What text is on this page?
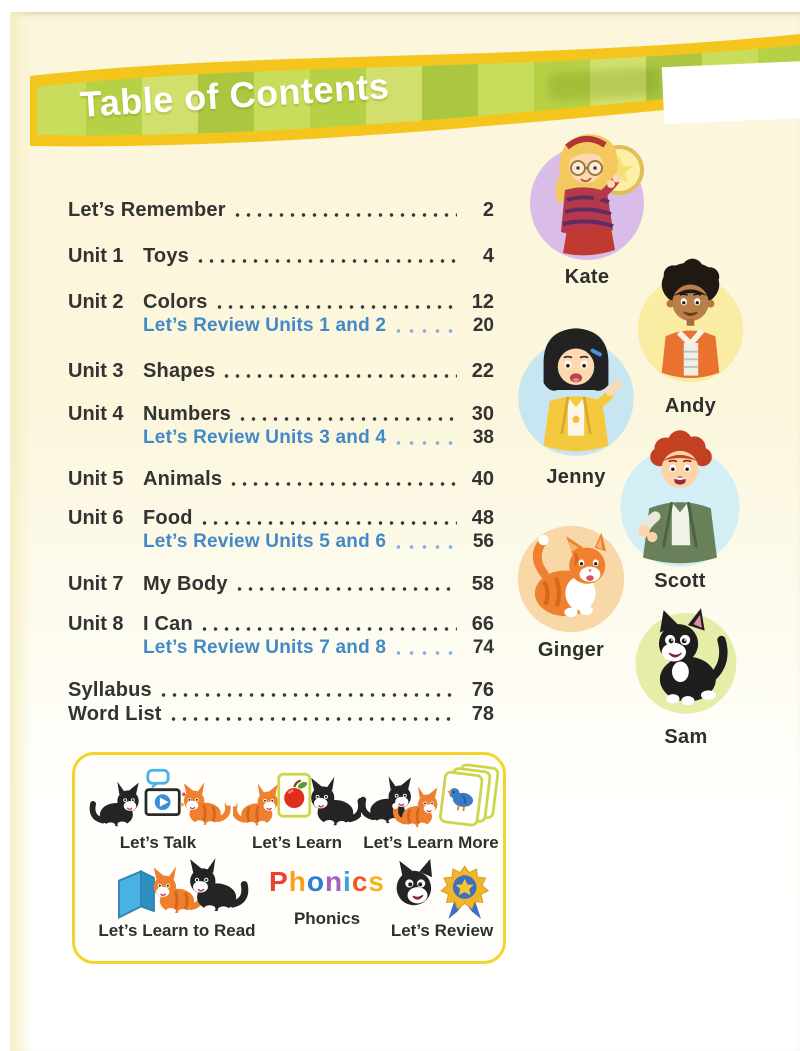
Table of Contents
Let’s Remember	2
Unit 1 Toys	4
Unit 2 Colors	12
Let’s Review Units 1 and 2	20
Unit 3 Shapes	22
Unit 4 Numbers	30
Let’s Review Units 3 and 4	38
Unit 5 Animals	40
Unit 6 Food	48
Let’s Review Units 5 and 6	56
Unit 7 My Body	58
Unit 8 I Can	66
Let’s Review Units 7 and 8	74
Syllabus	76
Word List	78
Kate
Andy
Jenny
Scott
Ginger
Sam
Let’s Talk	Let’s Learn Let’s Learn More
Let’s Learn to Read
P h o n i c s
Phonics
Let’s Review
